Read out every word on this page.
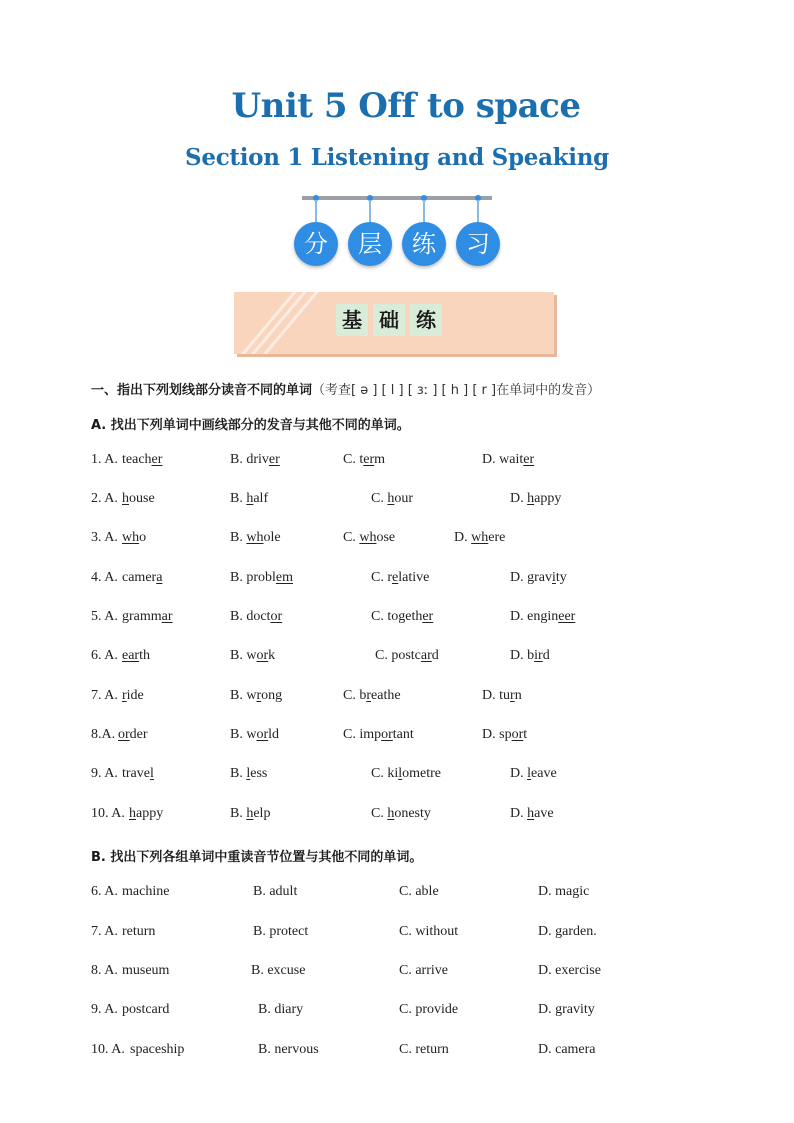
Unit 5 Off to space
Section 1 Listening and Speaking
分	层	练	习
基 础 练
一、指出下列划线部分读音不同的单词（考查[ ə ] [ l ] [ ɜː ] [ h ] [ r ]在单词中的发音）
A. 找出下列单词中画线部分的发音与其他不同的单词。
1. A. teacher	B. driver	C. term	D. waiter
2. A. house	B. half	C. hour	D. happy
3. A. who	B. whole	C. whose	D. where
4. A. camera	B. problem	C. relative	D. gravity
5. A. grammar	B. doctor	C. together	D. engineer
6. A. earth	B. work	C. postcard	D. bird
7. A. ride	B. wrong	C. breathe	D. turn
8.A. order	B. world	C. important	D. sport
9. A. travel	B. less	C. kilometre	D. leave
10. A. happy	B. help	C. honesty	D. have
B. 找出下列各组单词中重读音节位置与其他不同的单词。
6. A. machine	B. adult	C. able	D. magic
7. A. return	B. protect	C. without	D. garden.
8. A. museum	B. excuse	C. arrive	D. exercise
9. A. postcard	B. diary	C. provide	D. gravity
10. A. spaceship	B. nervous	C. return	D. camera
